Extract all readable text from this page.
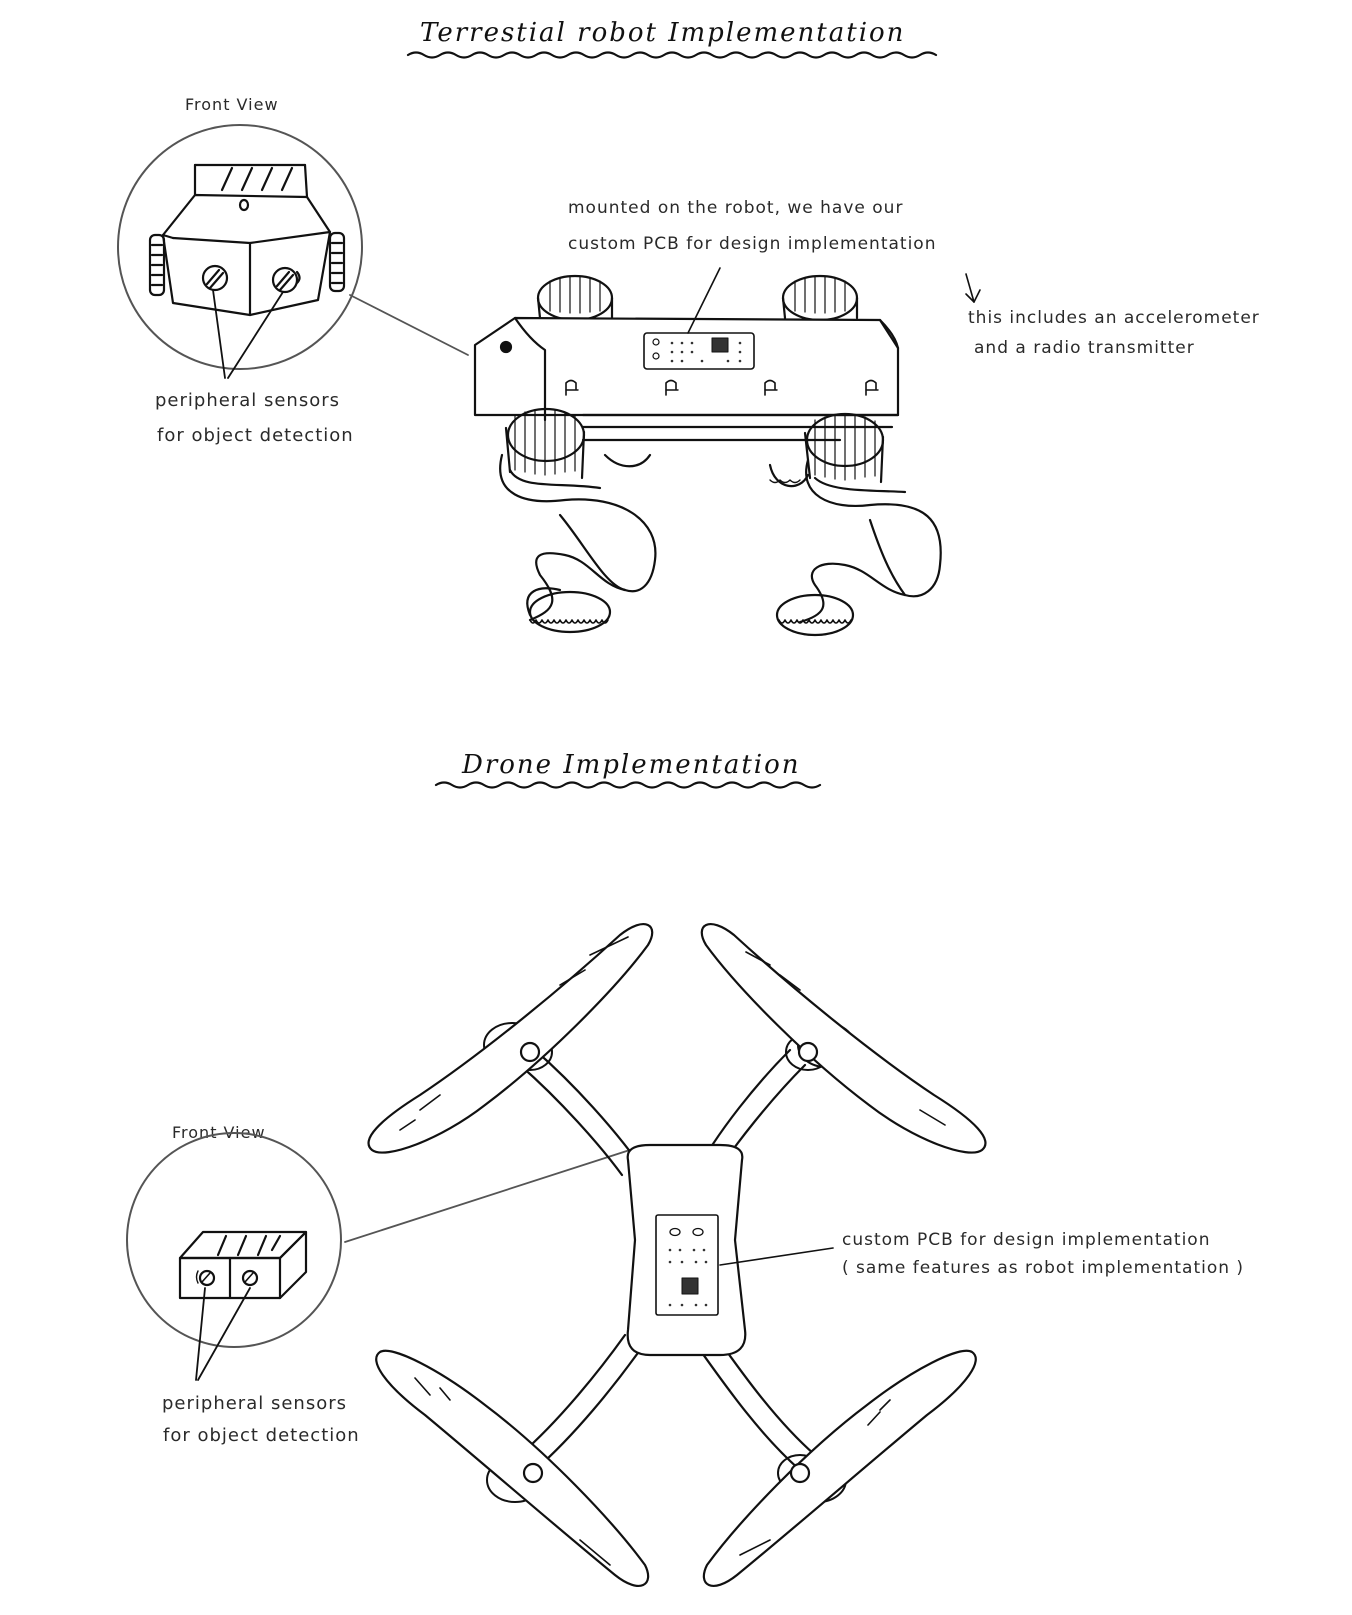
Terrestial robot Implementation
Front View
mounted on the robot, we have our
custom PCB for design implementation
this includes an accelerometer
and a radio transmitter
peripheral sensors
for object detection
Drone Implementation
Front View
custom PCB for design implementation
( same features as robot implementation )
peripheral sensors
for object detection
